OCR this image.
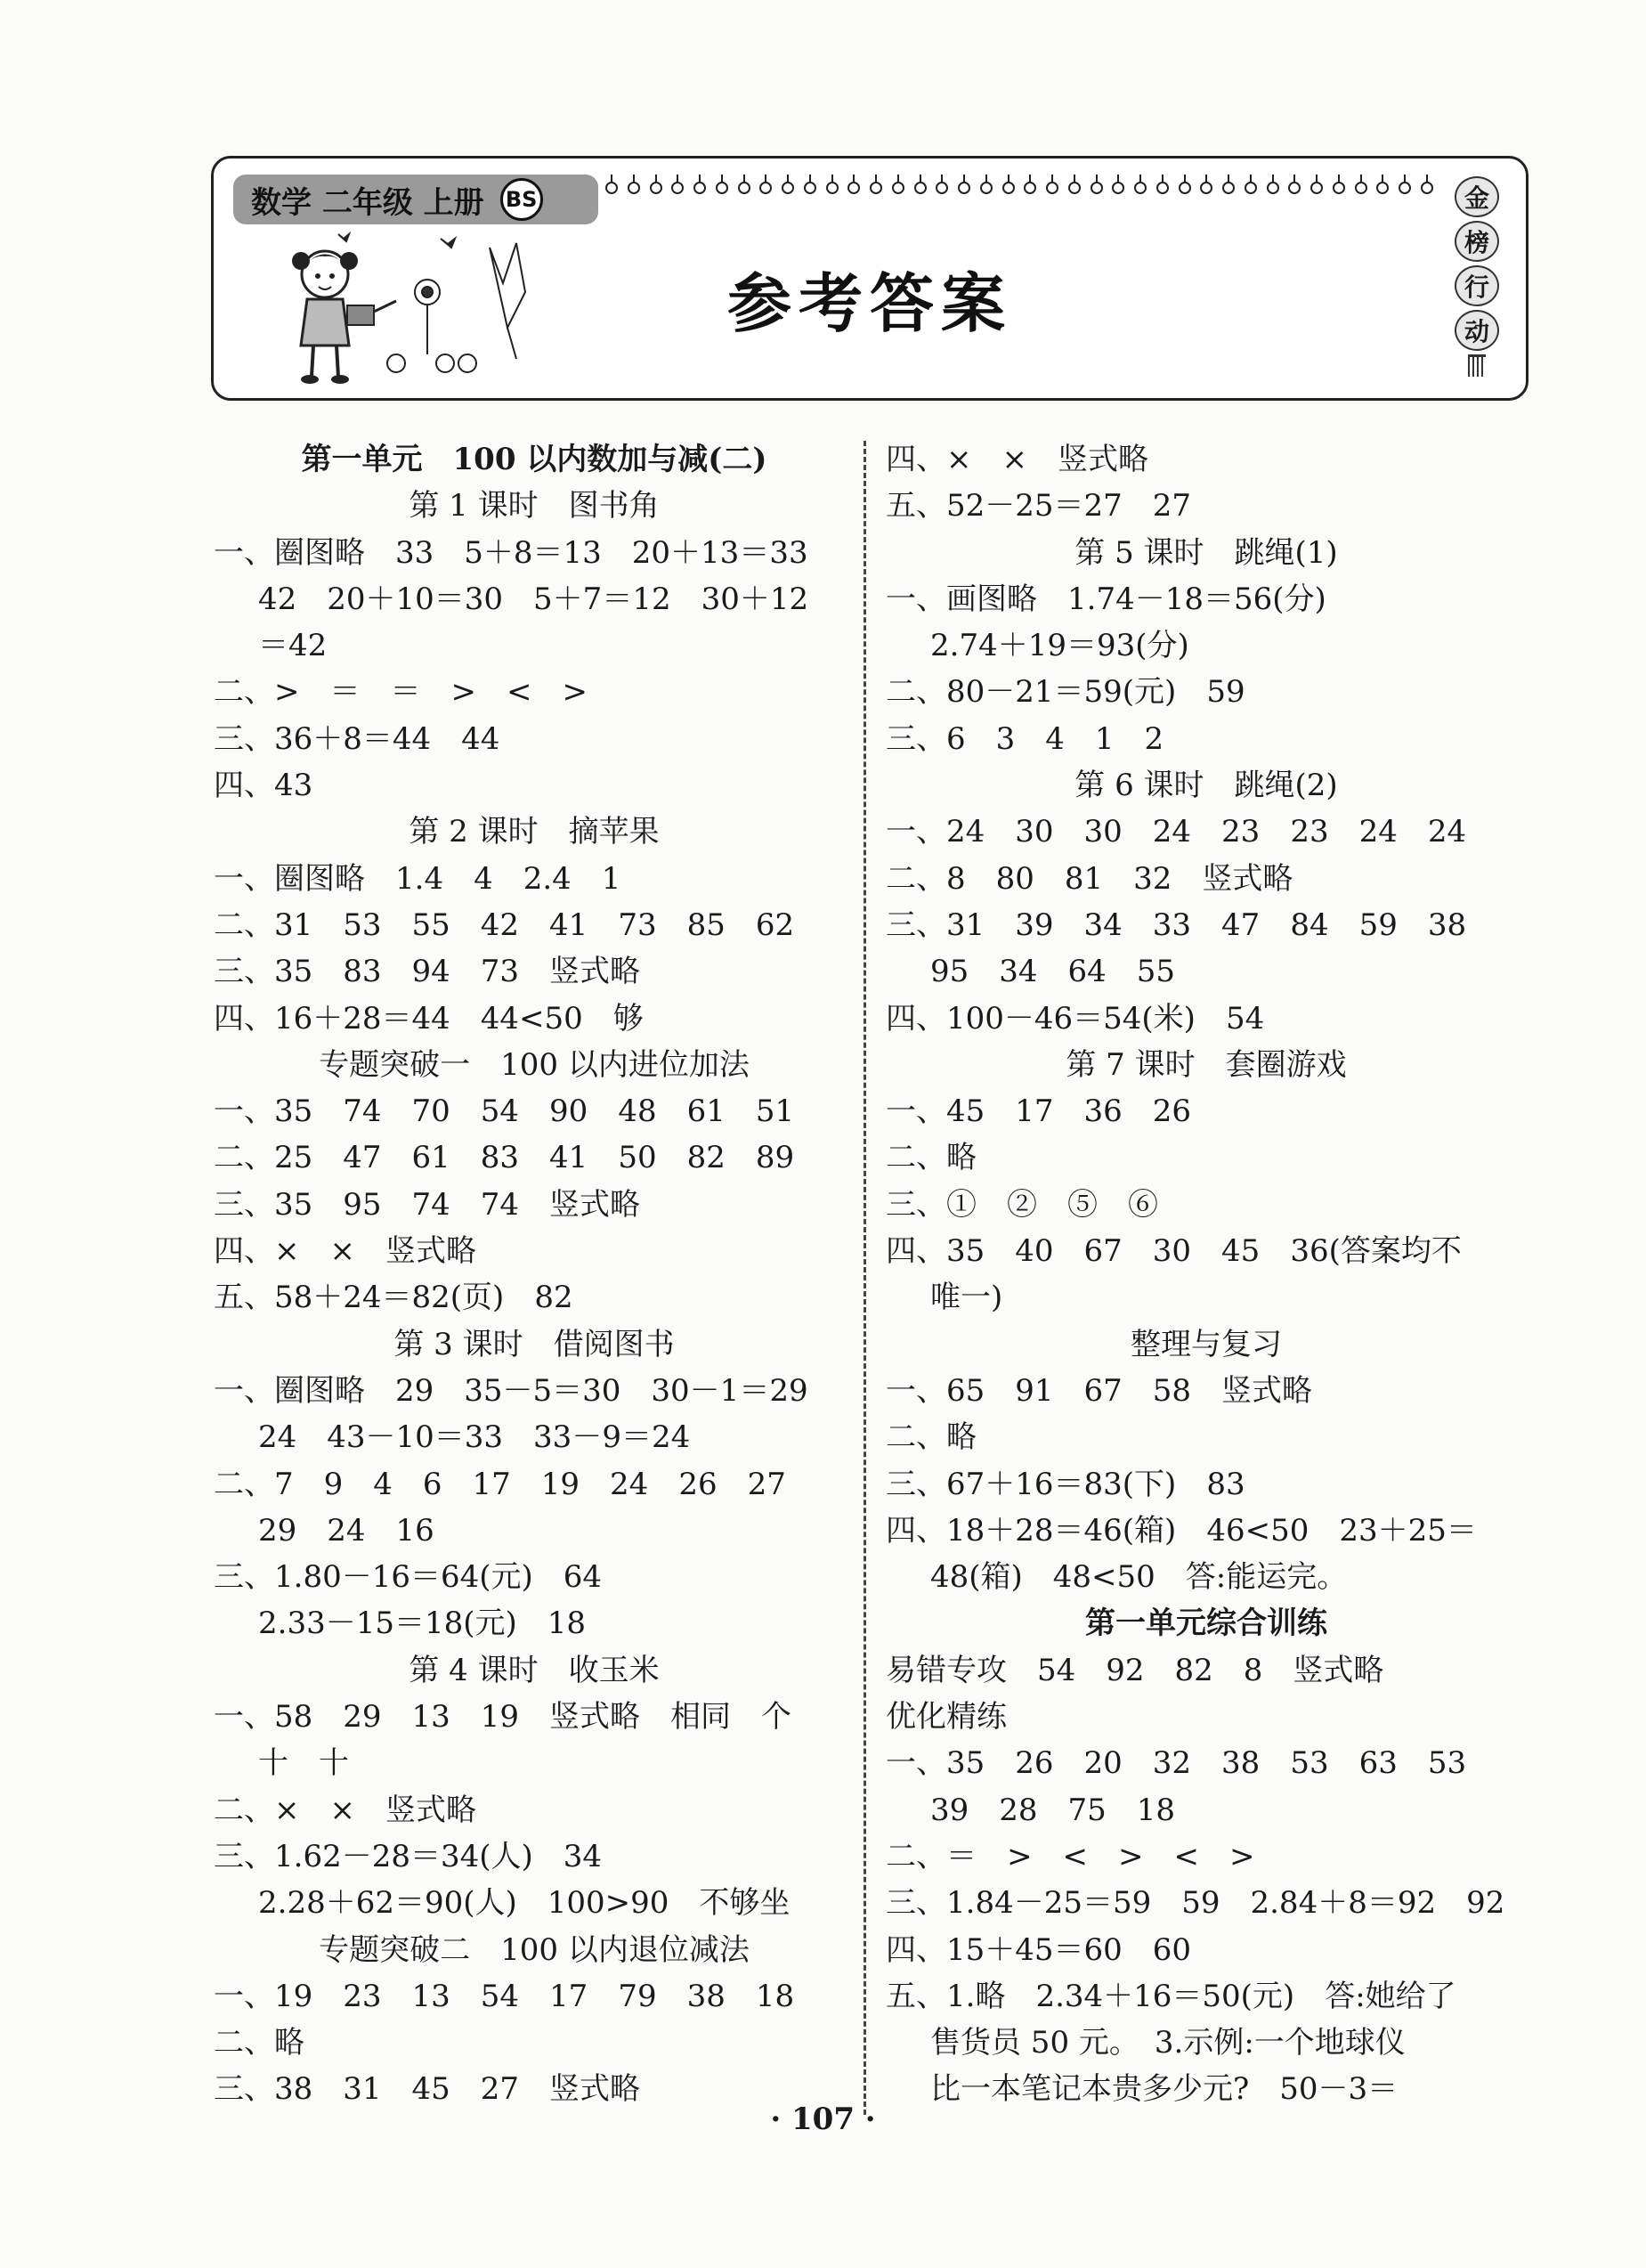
数学 二年级 上册 BS
参考答案
金
榜
行
动
第一单元　100 以内数加与减(二)
第 1 课时　图书角
一、圈图略　33　5＋8＝13　20＋13＝33
42　20＋10＝30　5＋7＝12　30＋12
＝42
二、>　＝　＝　>　<　>
三、36＋8＝44　44
四、43
第 2 课时　摘苹果
一、圈图略　1.4　4　2.4　1
二、31　53　55　42　41　73　85　62
三、35　83　94　73　竖式略
四、16＋28＝44　44<50　够
专题突破一　100 以内进位加法
一、35　74　70　54　90　48　61　51
二、25　47　61　83　41　50　82　89
三、35　95　74　74　竖式略
四、×　×　竖式略
五、58＋24＝82(页)　82
第 3 课时　借阅图书
一、圈图略　29　35－5＝30　30－1＝29
24　43－10＝33　33－9＝24
二、7　9　4　6　17　19　24　26　27
29　24　16
三、1.80－16＝64(元)　64
2.33－15＝18(元)　18
第 4 课时　收玉米
一、58　29　13　19　竖式略　相同　个
十　十
二、×　×　竖式略
三、1.62－28＝34(人)　34
2.28＋62＝90(人)　100>90　不够坐
专题突破二　100 以内退位减法
一、19　23　13　54　17　79　38　18
二、略
三、38　31　45　27　竖式略
四、×　×　竖式略
五、52－25＝27　27
第 5 课时　跳绳(1)
一、画图略　1.74－18＝56(分)
2.74＋19＝93(分)
二、80－21＝59(元)　59
三、6　3　4　1　2
第 6 课时　跳绳(2)
一、24　30　30　24　23　23　24　24
二、8　80　81　32　竖式略
三、31　39　34　33　47　84　59　38
95　34　64　55
四、100－46＝54(米)　54
第 7 课时　套圈游戏
一、45　17　36　26
二、略
三、①　②　⑤　⑥
四、35　40　67　30　45　36(答案均不
唯一)
整理与复习
一、65　91　67　58　竖式略
二、略
三、67＋16＝83(下)　83
四、18＋28＝46(箱)　46<50　23＋25＝
48(箱)　48<50　答:能运完。
第一单元综合训练
易错专攻　54　92　82　8　竖式略
优化精练
一、35　26　20　32　38　53　63　53
39　28　75　18
二、＝　>　<　>　<　>
三、1.84－25＝59　59　2.84＋8＝92　92
四、15＋45＝60　60
五、1.略　2.34＋16＝50(元)　答:她给了
售货员 50 元。　3.示例:一个地球仪
比一本笔记本贵多少元?　50－3＝
· 107 ·
